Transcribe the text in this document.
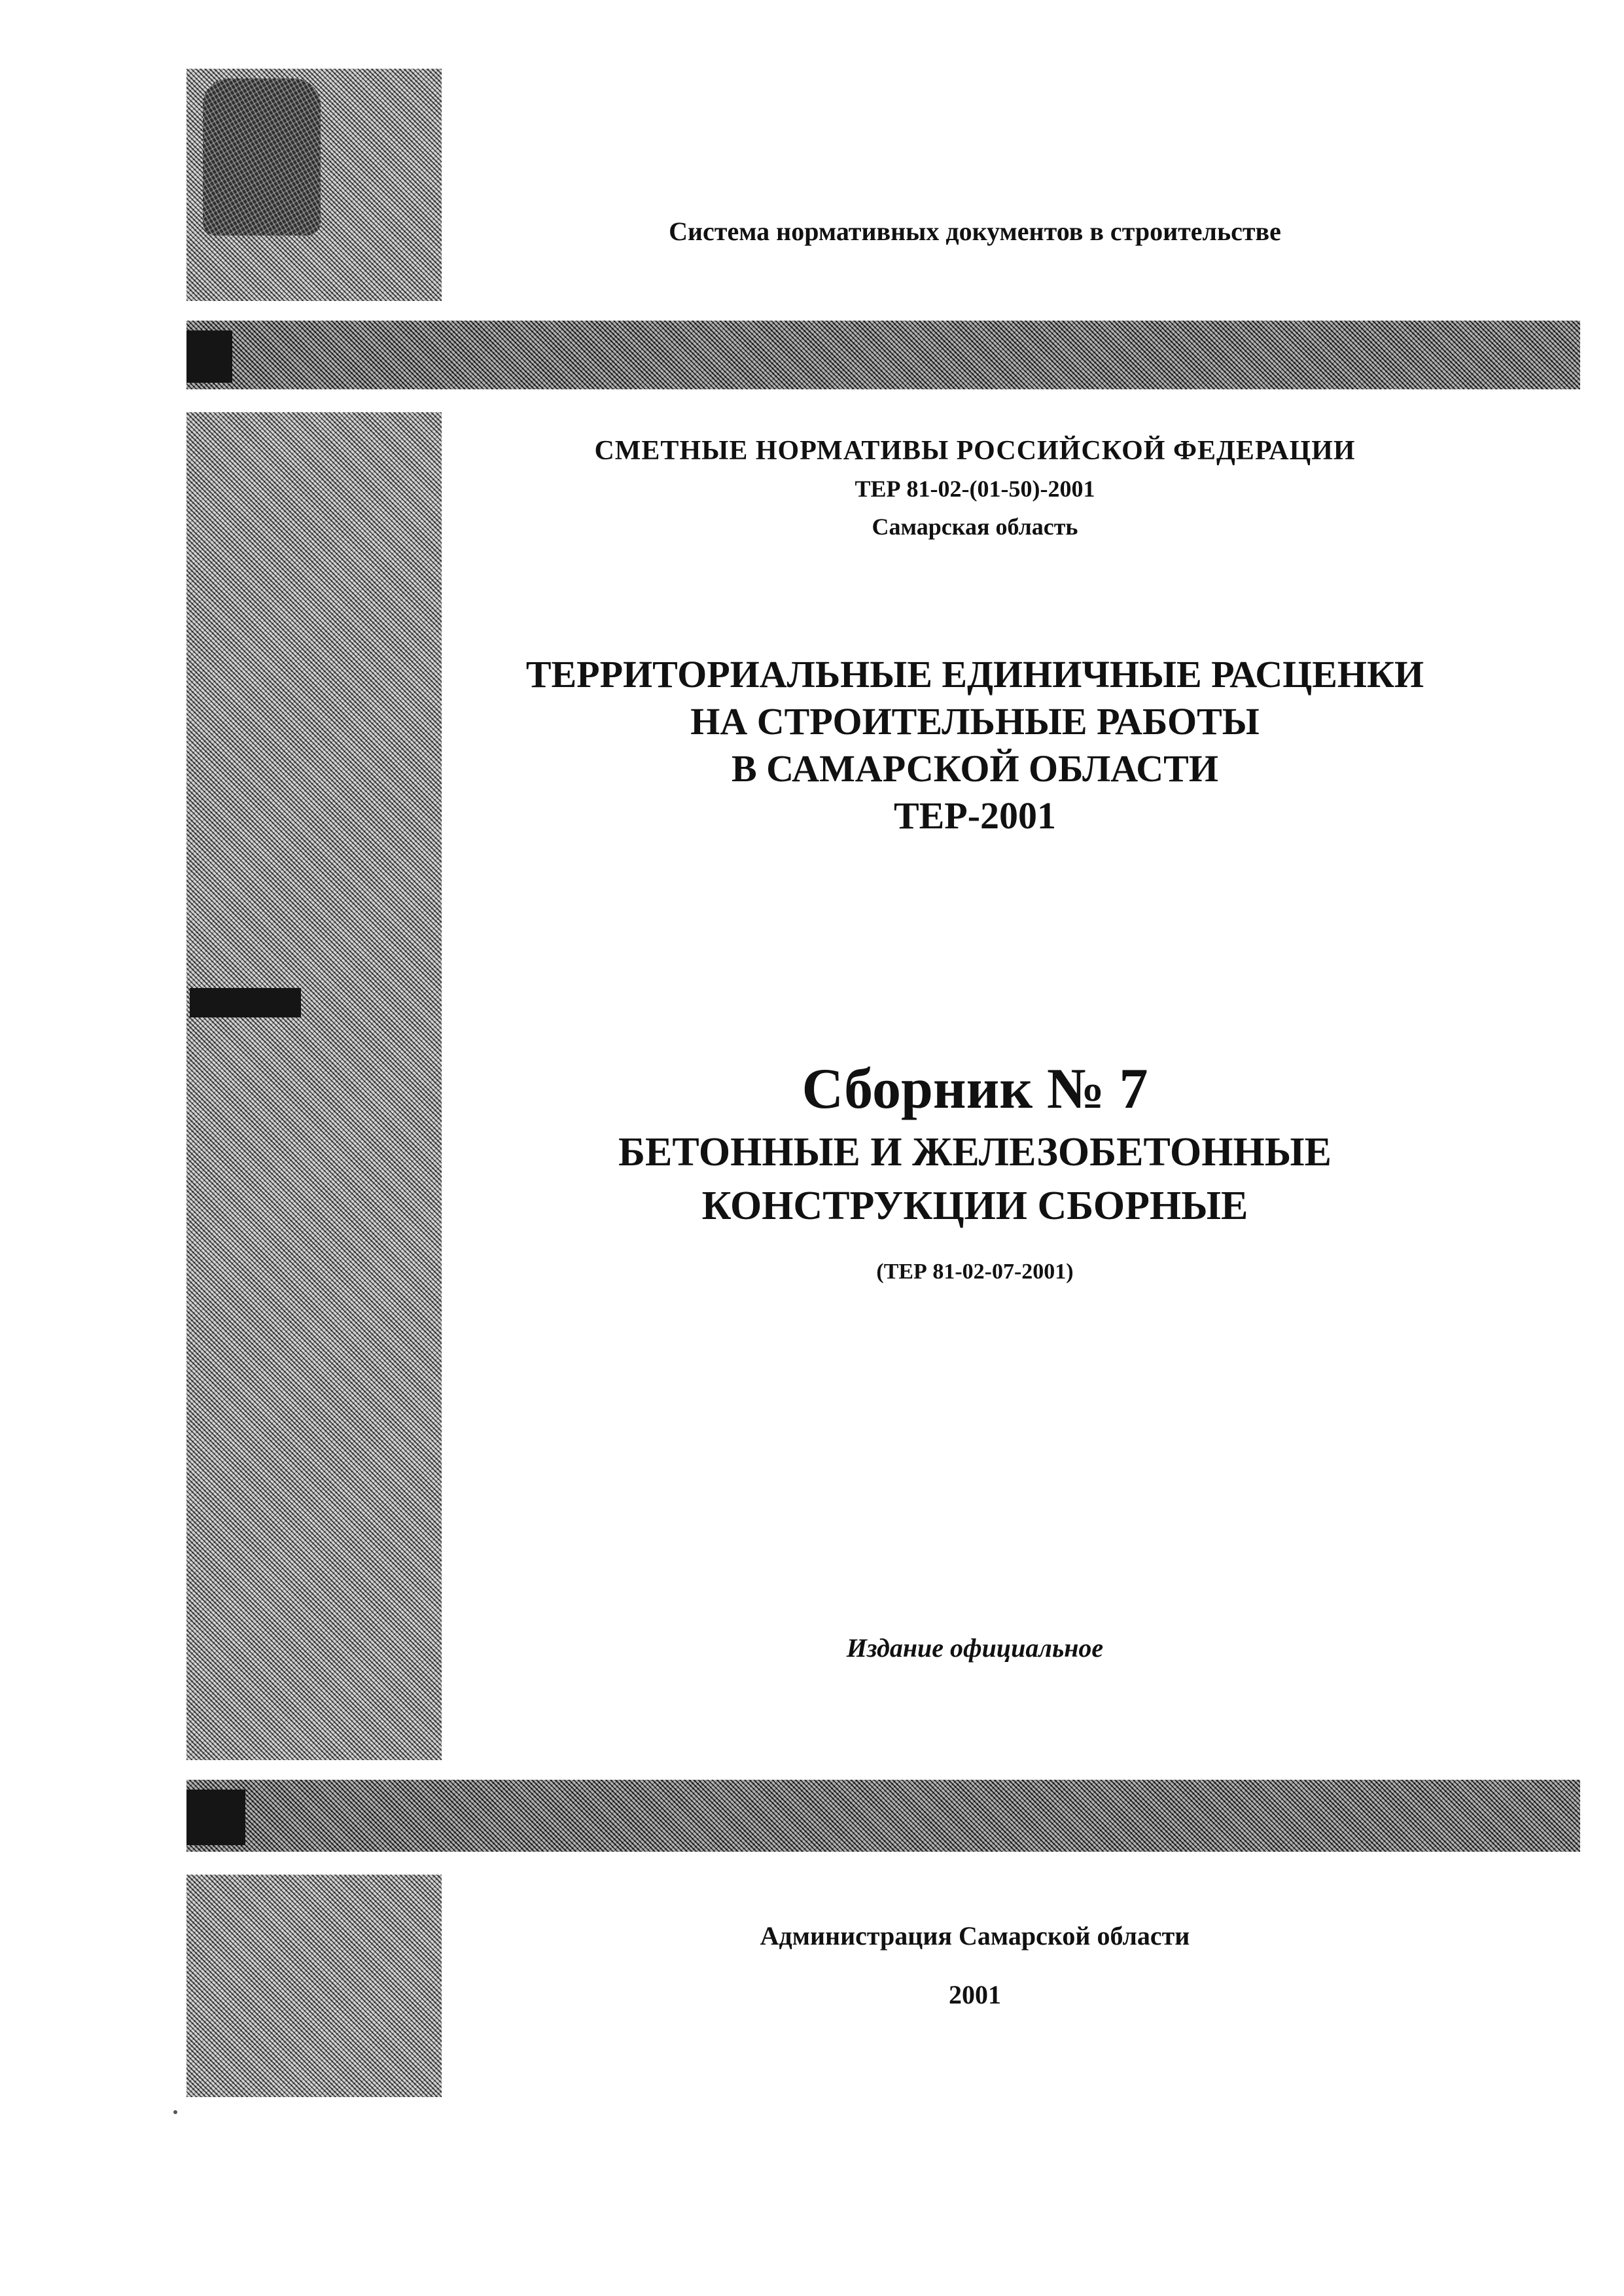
Система нормативных документов в строительстве
СМЕТНЫЕ НОРМАТИВЫ РОССИЙСКОЙ ФЕДЕРАЦИИ
ТЕР 81-02-(01-50)-2001
Самарская область
ТЕРРИТОРИАЛЬНЫЕ ЕДИНИЧНЫЕ РАСЦЕНКИ
НА СТРОИТЕЛЬНЫЕ РАБОТЫ
В САМАРСКОЙ ОБЛАСТИ
ТЕР-2001
Сборник № 7
БЕТОННЫЕ И ЖЕЛЕЗОБЕТОННЫЕ
КОНСТРУКЦИИ СБОРНЫЕ
(ТЕР 81-02-07-2001)
Издание официальное
Администрация Самарской области
2001
